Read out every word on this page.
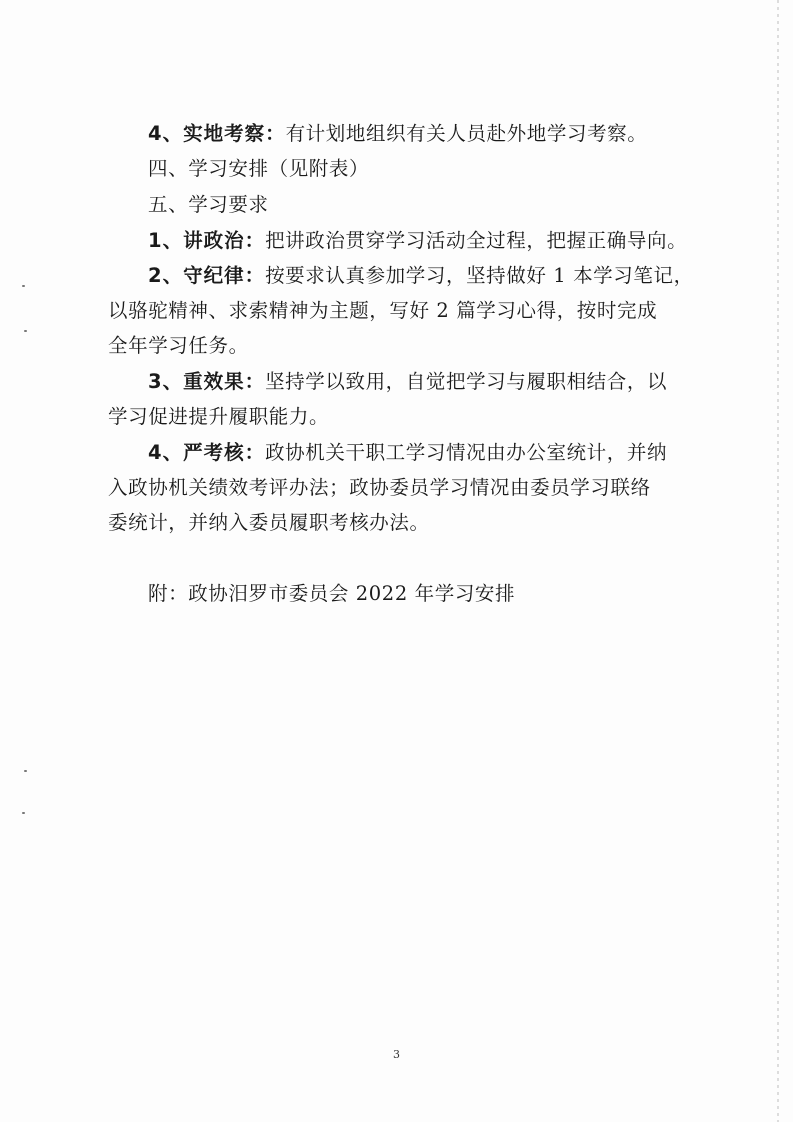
4、实地考察：有计划地组织有关人员赴外地学习考察。
四、学习安排（见附表）
五、学习要求
1、讲政治：把讲政治贯穿学习活动全过程，把握正确导向。
2、守纪律：按要求认真参加学习，坚持做好 1 本学习笔记，
以骆驼精神、求索精神为主题，写好 2 篇学习心得，按时完成
全年学习任务。
3、重效果：坚持学以致用，自觉把学习与履职相结合，以
学习促进提升履职能力。
4、严考核：政协机关干职工学习情况由办公室统计，并纳
入政协机关绩效考评办法；政协委员学习情况由委员学习联络
委统计，并纳入委员履职考核办法。
附：政协汨罗市委员会 2022 年学习安排
3
